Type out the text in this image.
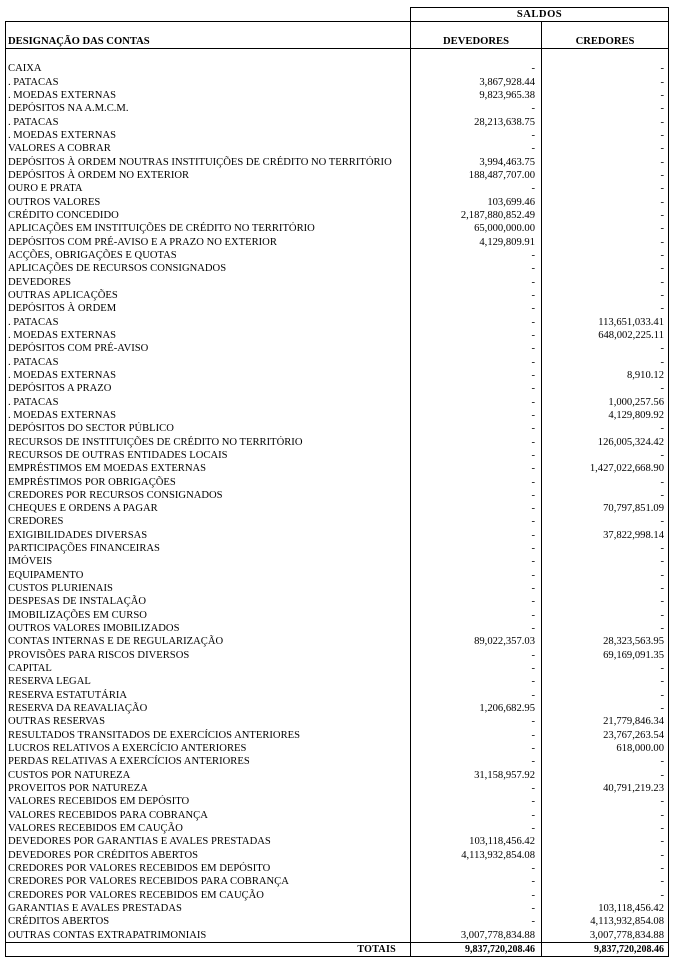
	SALDOS	
DESIGNAÇÃO DAS CONTAS	DEVEDORES	CREDORES

CAIXA	-	-
. PATACAS	3,867,928.44	-
. MOEDAS EXTERNAS	9,823,965.38	-
DEPÓSITOS NA A.M.C.M.	-	-
. PATACAS	28,213,638.75	-
. MOEDAS EXTERNAS	-	-
VALORES A COBRAR	-	-
DEPÓSITOS À ORDEM NOUTRAS INSTITUIÇÕES DE CRÉDITO NO TERRITÓRIO	3,994,463.75	-
DEPÓSITOS À ORDEM NO EXTERIOR	188,487,707.00	-
OURO E PRATA	-	-
OUTROS VALORES	103,699.46	-
CRÉDITO CONCEDIDO	2,187,880,852.49	-
APLICAÇÕES EM INSTITUIÇÕES DE CRÉDITO NO TERRITÓRIO	65,000,000.00	-
DEPÓSITOS COM PRÉ-AVISO E A PRAZO NO EXTERIOR	4,129,809.91	-
ACÇÕES, OBRIGAÇÕES E QUOTAS	-	-
APLICAÇÕES DE RECURSOS CONSIGNADOS	-	-
DEVEDORES	-	-
OUTRAS APLICAÇÕES	-	-
DEPÓSITOS À ORDEM	-	-
. PATACAS	-	113,651,033.41
. MOEDAS EXTERNAS	-	648,002,225.11
DEPÓSITOS COM PRÉ-AVISO	-	-
. PATACAS	-	-
. MOEDAS EXTERNAS	-	8,910.12
DEPÓSITOS A PRAZO	-	-
. PATACAS	-	1,000,257.56
. MOEDAS EXTERNAS	-	4,129,809.92
DEPÓSITOS DO SECTOR PÚBLICO	-	-
RECURSOS DE INSTITUIÇÕES DE CRÉDITO NO TERRITÓRIO	-	126,005,324.42
RECURSOS DE OUTRAS ENTIDADES LOCAIS	-	-
EMPRÉSTIMOS EM MOEDAS EXTERNAS	-	1,427,022,668.90
EMPRÉSTIMOS POR OBRIGAÇÕES	-	-
CREDORES POR RECURSOS CONSIGNADOS	-	-
CHEQUES E ORDENS A PAGAR	-	70,797,851.09
CREDORES	-	-
EXIGIBILIDADES DIVERSAS	-	37,822,998.14
PARTICIPAÇÕES FINANCEIRAS	-	-
IMÓVEIS	-	-
EQUIPAMENTO	-	-
CUSTOS PLURIENAIS	-	-
DESPESAS DE INSTALAÇÃO	-	-
IMOBILIZAÇÕES EM CURSO	-	-
OUTROS VALORES IMOBILIZADOS	-	-
CONTAS INTERNAS E DE REGULARIZAÇÃO	89,022,357.03	28,323,563.95
PROVISÕES PARA RISCOS DIVERSOS	-	69,169,091.35
CAPITAL	-	-
RESERVA LEGAL	-	-
RESERVA ESTATUTÁRIA	-	-
RESERVA DA REAVALIAÇÃO	1,206,682.95	-
OUTRAS RESERVAS	-	21,779,846.34
RESULTADOS TRANSITADOS DE EXERCÍCIOS ANTERIORES	-	23,767,263.54
LUCROS RELATIVOS A EXERCÍCIO ANTERIORES	-	618,000.00
PERDAS RELATIVAS A EXERCÍCIOS ANTERIORES	-	-
CUSTOS POR NATUREZA	31,158,957.92	-
PROVEITOS POR NATUREZA	-	40,791,219.23
VALORES RECEBIDOS EM DEPÓSITO	-	-
VALORES RECEBIDOS PARA COBRANÇA	-	-
VALORES RECEBIDOS EM CAUÇÃO	-	-
DEVEDORES POR GARANTIAS E AVALES PRESTADAS	103,118,456.42	-
DEVEDORES POR CRÉDITOS ABERTOS	4,113,932,854.08	-
CREDORES POR VALORES RECEBIDOS EM DEPÓSITO	-	-
CREDORES POR VALORES RECEBIDOS PARA COBRANÇA	-	-
CREDORES POR VALORES RECEBIDOS EM CAUÇÃO	-	-
GARANTIAS E AVALES PRESTADAS	-	103,118,456.42
CRÉDITOS ABERTOS	-	4,113,932,854.08
OUTRAS CONTAS EXTRAPATRIMONIAIS	3,007,778,834.88	3,007,778,834.88
TOTAIS	9,837,720,208.46	9,837,720,208.46
